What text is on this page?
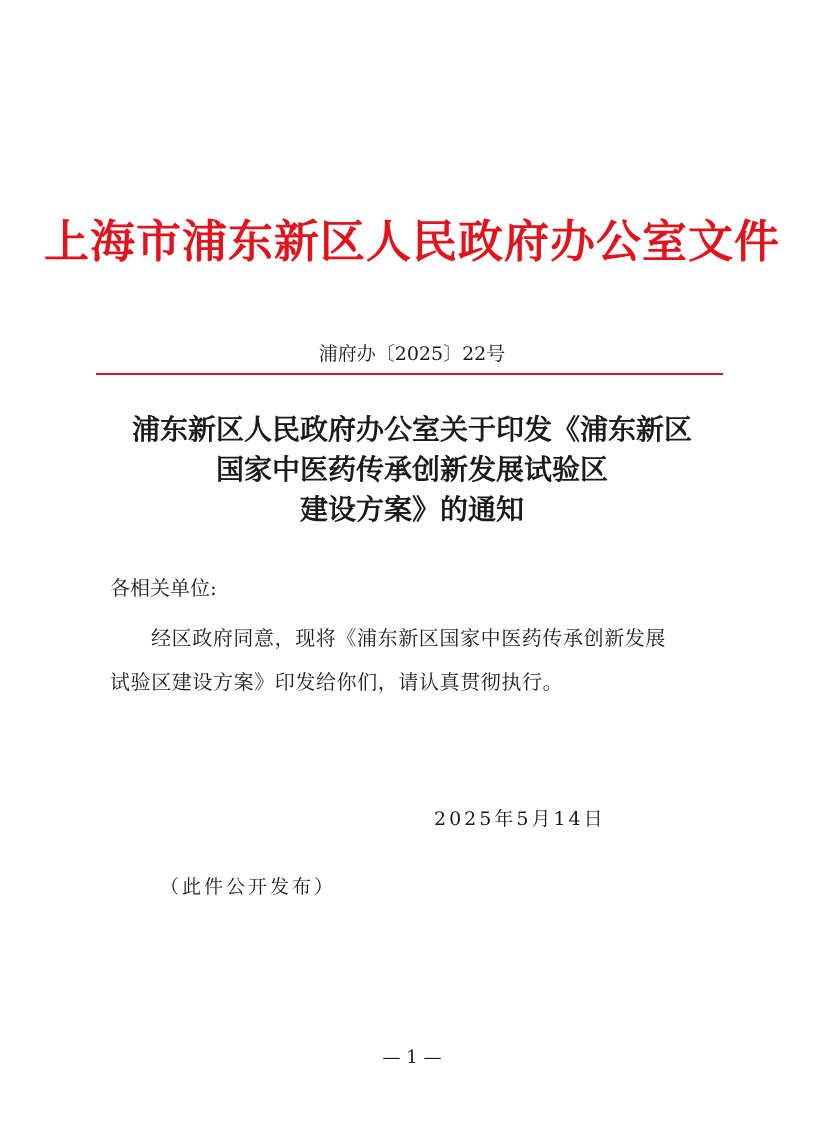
上海市浦东新区人民政府办公室文件
浦府办〔2025〕22号
浦东新区人民政府办公室关于印发《浦东新区
国家中医药传承创新发展试验区
建设方案》的通知
各相关单位:
经区政府同意，现将《浦东新区国家中医药传承创新发展
试验区建设方案》印发给你们，请认真贯彻执行。
2025年5月14日
（此件公开发布）
— 1 —
